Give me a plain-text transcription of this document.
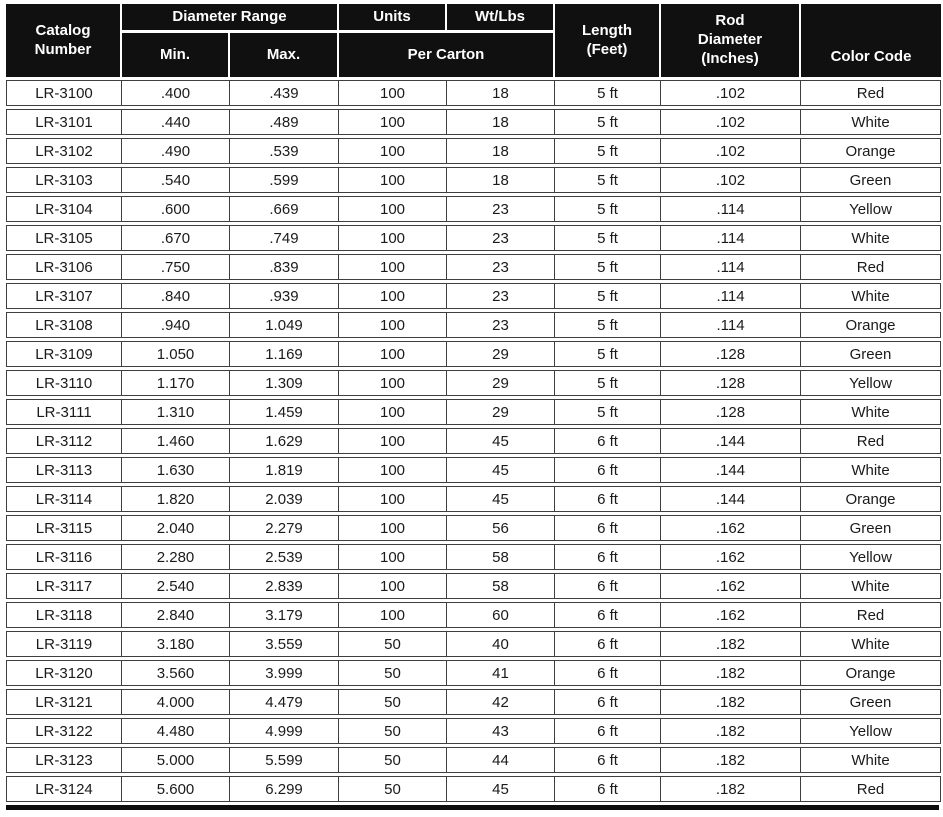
Catalog Number	Diameter Range		Units	Wt/Lbs	Length (Feet)	Rod Diameter (Inches)	Color Code
	Min.	Max.	Per Carton				
LR-3100	.400	.439	100	18	5 ft	.102	Red
LR-3101	.440	.489	100	18	5 ft	.102	White
LR-3102	.490	.539	100	18	5 ft	.102	Orange
LR-3103	.540	.599	100	18	5 ft	.102	Green
LR-3104	.600	.669	100	23	5 ft	.114	Yellow
LR-3105	.670	.749	100	23	5 ft	.114	White
LR-3106	.750	.839	100	23	5 ft	.114	Red
LR-3107	.840	.939	100	23	5 ft	.114	White
LR-3108	.940	1.049	100	23	5 ft	.114	Orange
LR-3109	1.050	1.169	100	29	5 ft	.128	Green
LR-3110	1.170	1.309	100	29	5 ft	.128	Yellow
LR-3111	1.310	1.459	100	29	5 ft	.128	White
LR-3112	1.460	1.629	100	45	6 ft	.144	Red
LR-3113	1.630	1.819	100	45	6 ft	.144	White
LR-3114	1.820	2.039	100	45	6 ft	.144	Orange
LR-3115	2.040	2.279	100	56	6 ft	.162	Green
LR-3116	2.280	2.539	100	58	6 ft	.162	Yellow
LR-3117	2.540	2.839	100	58	6 ft	.162	White
LR-3118	2.840	3.179	100	60	6 ft	.162	Red
LR-3119	3.180	3.559	50	40	6 ft	.182	White
LR-3120	3.560	3.999	50	41	6 ft	.182	Orange
LR-3121	4.000	4.479	50	42	6 ft	.182	Green
LR-3122	4.480	4.999	50	43	6 ft	.182	Yellow
LR-3123	5.000	5.599	50	44	6 ft	.182	White
LR-3124	5.600	6.299	50	45	6 ft	.182	Red
